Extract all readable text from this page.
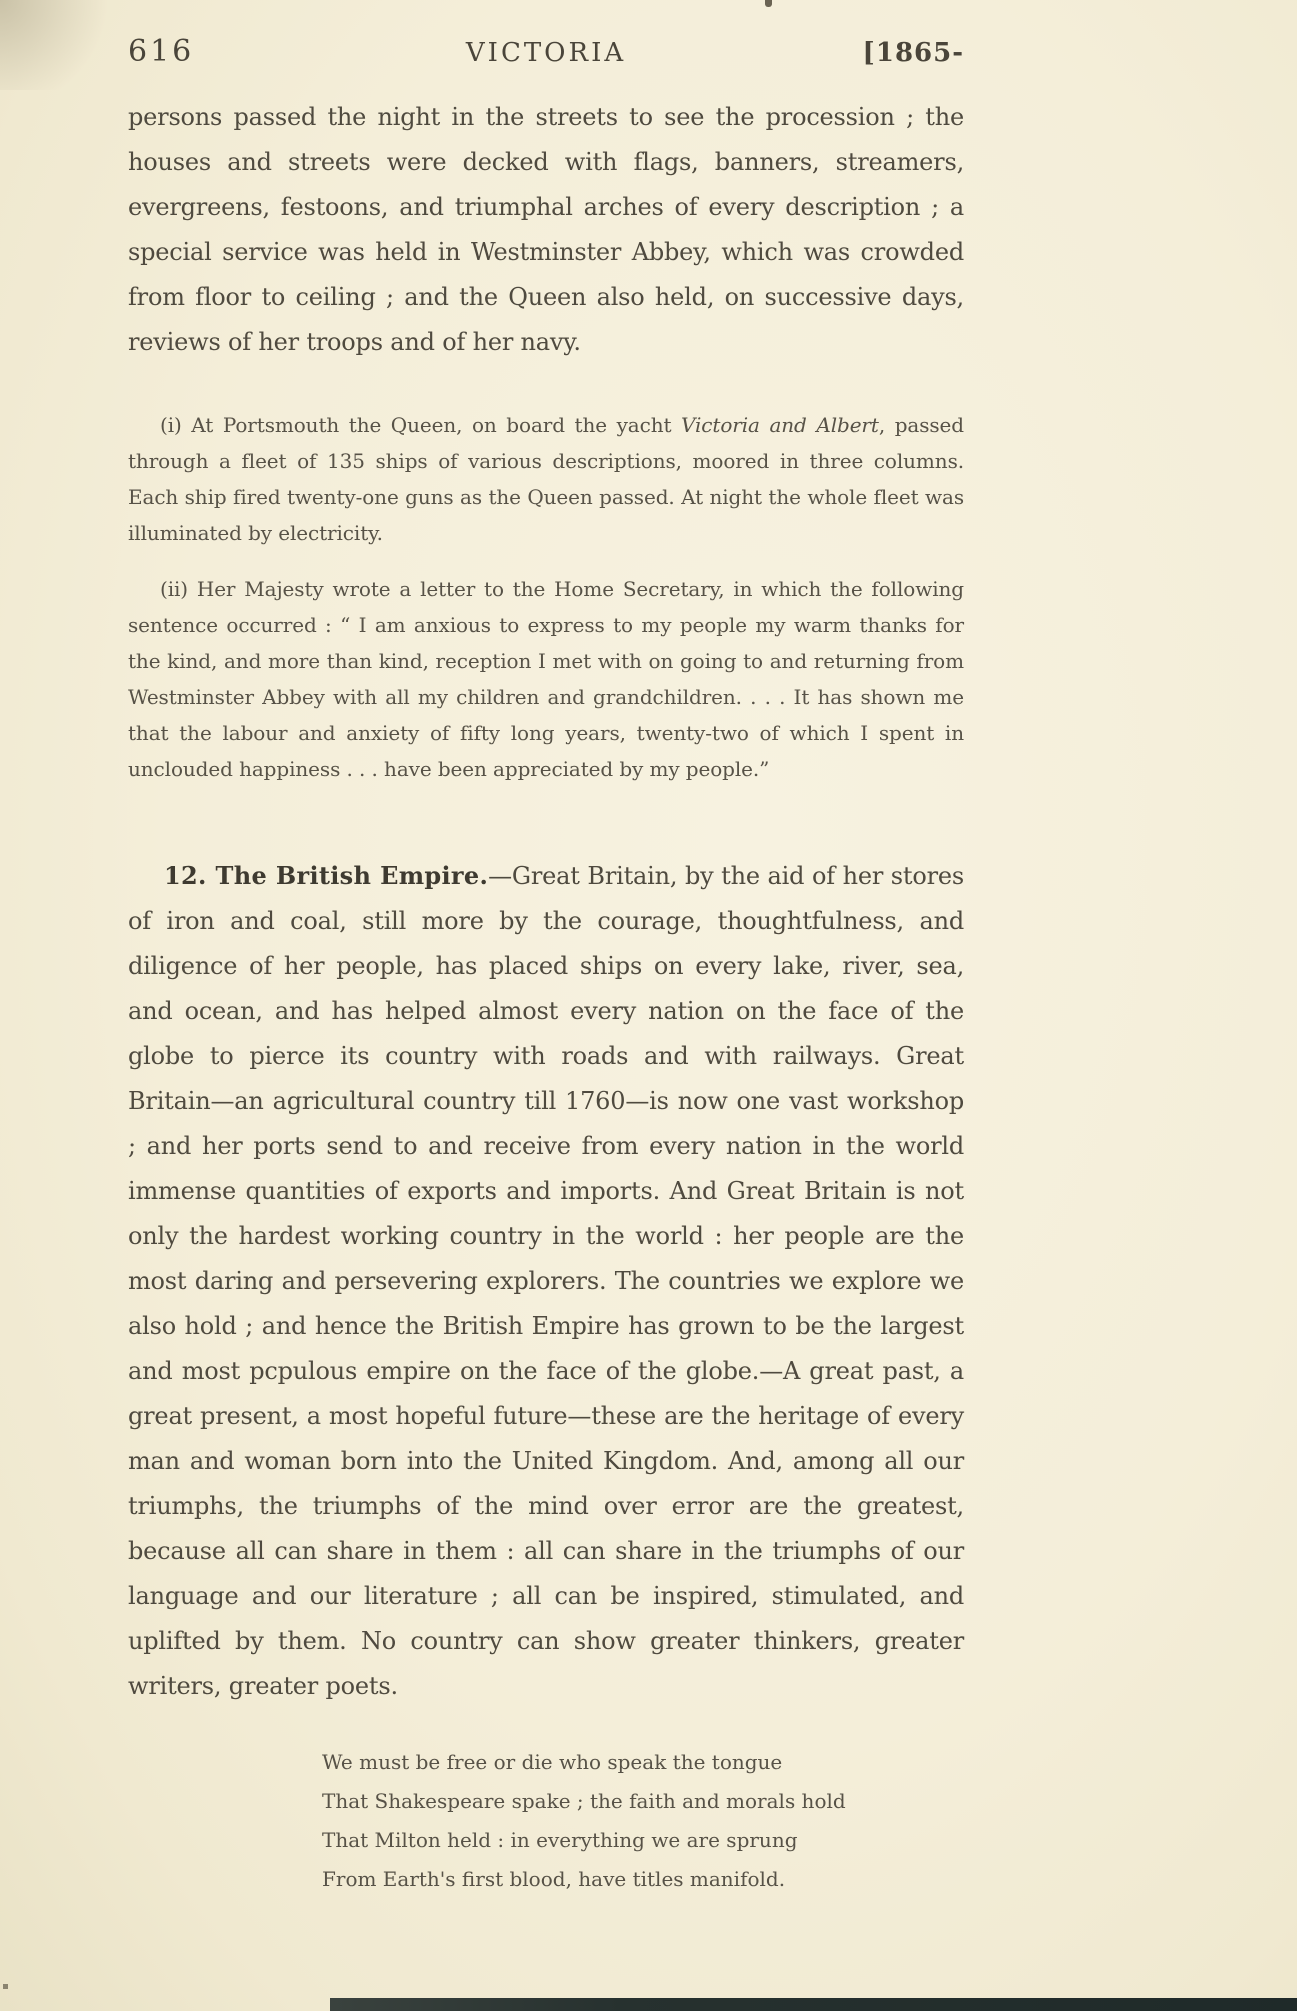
616	VICTORIA	[1865-

persons passed the night in the streets to see the procession ; the houses and streets were decked with flags, banners, streamers, evergreens, festoons, and triumphal arches of every description ; a special service was held in Westminster Abbey, which was crowded from floor to ceiling ; and the Queen also held, on successive days, reviews of her troops and of her navy.

(i) At Portsmouth the Queen, on board the yacht Victoria and Albert, passed through a fleet of 135 ships of various descriptions, moored in three columns. Each ship fired twenty-one guns as the Queen passed. At night the whole fleet was illuminated by electricity.

(ii) Her Majesty wrote a letter to the Home Secretary, in which the following sentence occurred : “ I am anxious to express to my people my warm thanks for the kind, and more than kind, reception I met with on going to and returning from Westminster Abbey with all my children and grandchildren. . . . It has shown me that the labour and anxiety of fifty long years, twenty-two of which I spent in unclouded happiness . . . have been appreciated by my people.”

12. The British Empire.—Great Britain, by the aid of her stores of iron and coal, still more by the courage, thoughtfulness, and diligence of her people, has placed ships on every lake, river, sea, and ocean, and has helped almost every nation on the face of the globe to pierce its country with roads and with railways. Great Britain—an agricultural country till 1760—is now one vast workshop ; and her ports send to and receive from every nation in the world immense quantities of exports and imports. And Great Britain is not only the hardest working country in the world : her people are the most daring and persevering explorers. The countries we explore we also hold ; and hence the British Empire has grown to be the largest and most pcpulous empire on the face of the globe.—A great past, a great present, a most hopeful future—these are the heritage of every man and woman born into the United Kingdom. And, among all our triumphs, the triumphs of the mind over error are the greatest, because all can share in them : all can share in the triumphs of our language and our literature ; all can be inspired, stimulated, and uplifted by them. No country can show greater thinkers, greater writers, greater poets.

We must be free or die who speak the tongue
That Shakespeare spake ; the faith and morals hold
That Milton held : in everything we are sprung
From Earth's first blood, have titles manifold.
